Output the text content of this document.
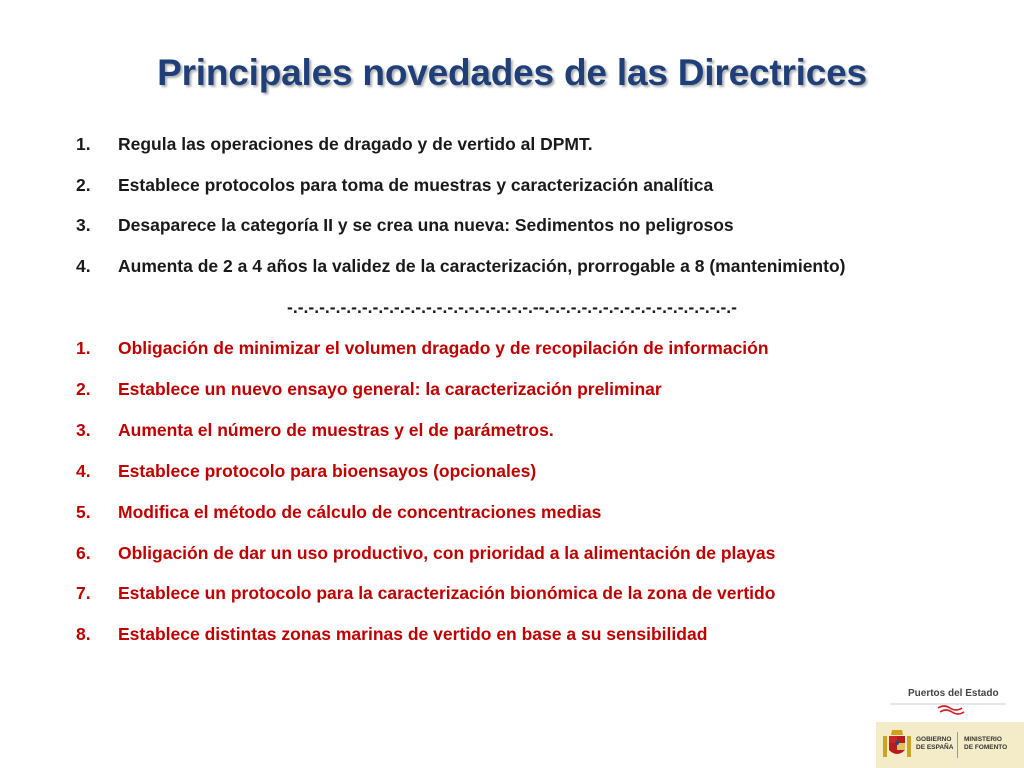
Principales novedades de las Directrices
1. Regula las operaciones de dragado y de vertido al DPMT.
2. Establece protocolos para toma de muestras y caracterización analítica
3. Desaparece la categoría II y se crea una nueva: Sedimentos no peligrosos
4. Aumenta de 2 a 4 años la validez de la caracterización, prorrogable a 8 (mantenimiento)
-.-.-.-.-.-.-.-.-.-.-.-.-.-.-.-.-.-.-.-.-.-.-.--.-.-.-.-.-.-.-.-.-.-.-.-.-.-.-.-.-.-
1. Obligación de minimizar el volumen dragado y de recopilación de información
2. Establece un nuevo ensayo general: la caracterización preliminar
3. Aumenta el número de muestras y el de parámetros.
4. Establece protocolo para bioensayos (opcionales)
5. Modifica el método de cálculo de concentraciones medias
6. Obligación de dar un uso productivo, con prioridad a la alimentación de playas
7. Establece un protocolo para la caracterización bionómica de la zona de vertido
8. Establece distintas zonas marinas de vertido en base a su sensibilidad
Puertos del Estado
GOBIERNO
DE ESPAÑA
MINISTERIO
DE FOMENTO
